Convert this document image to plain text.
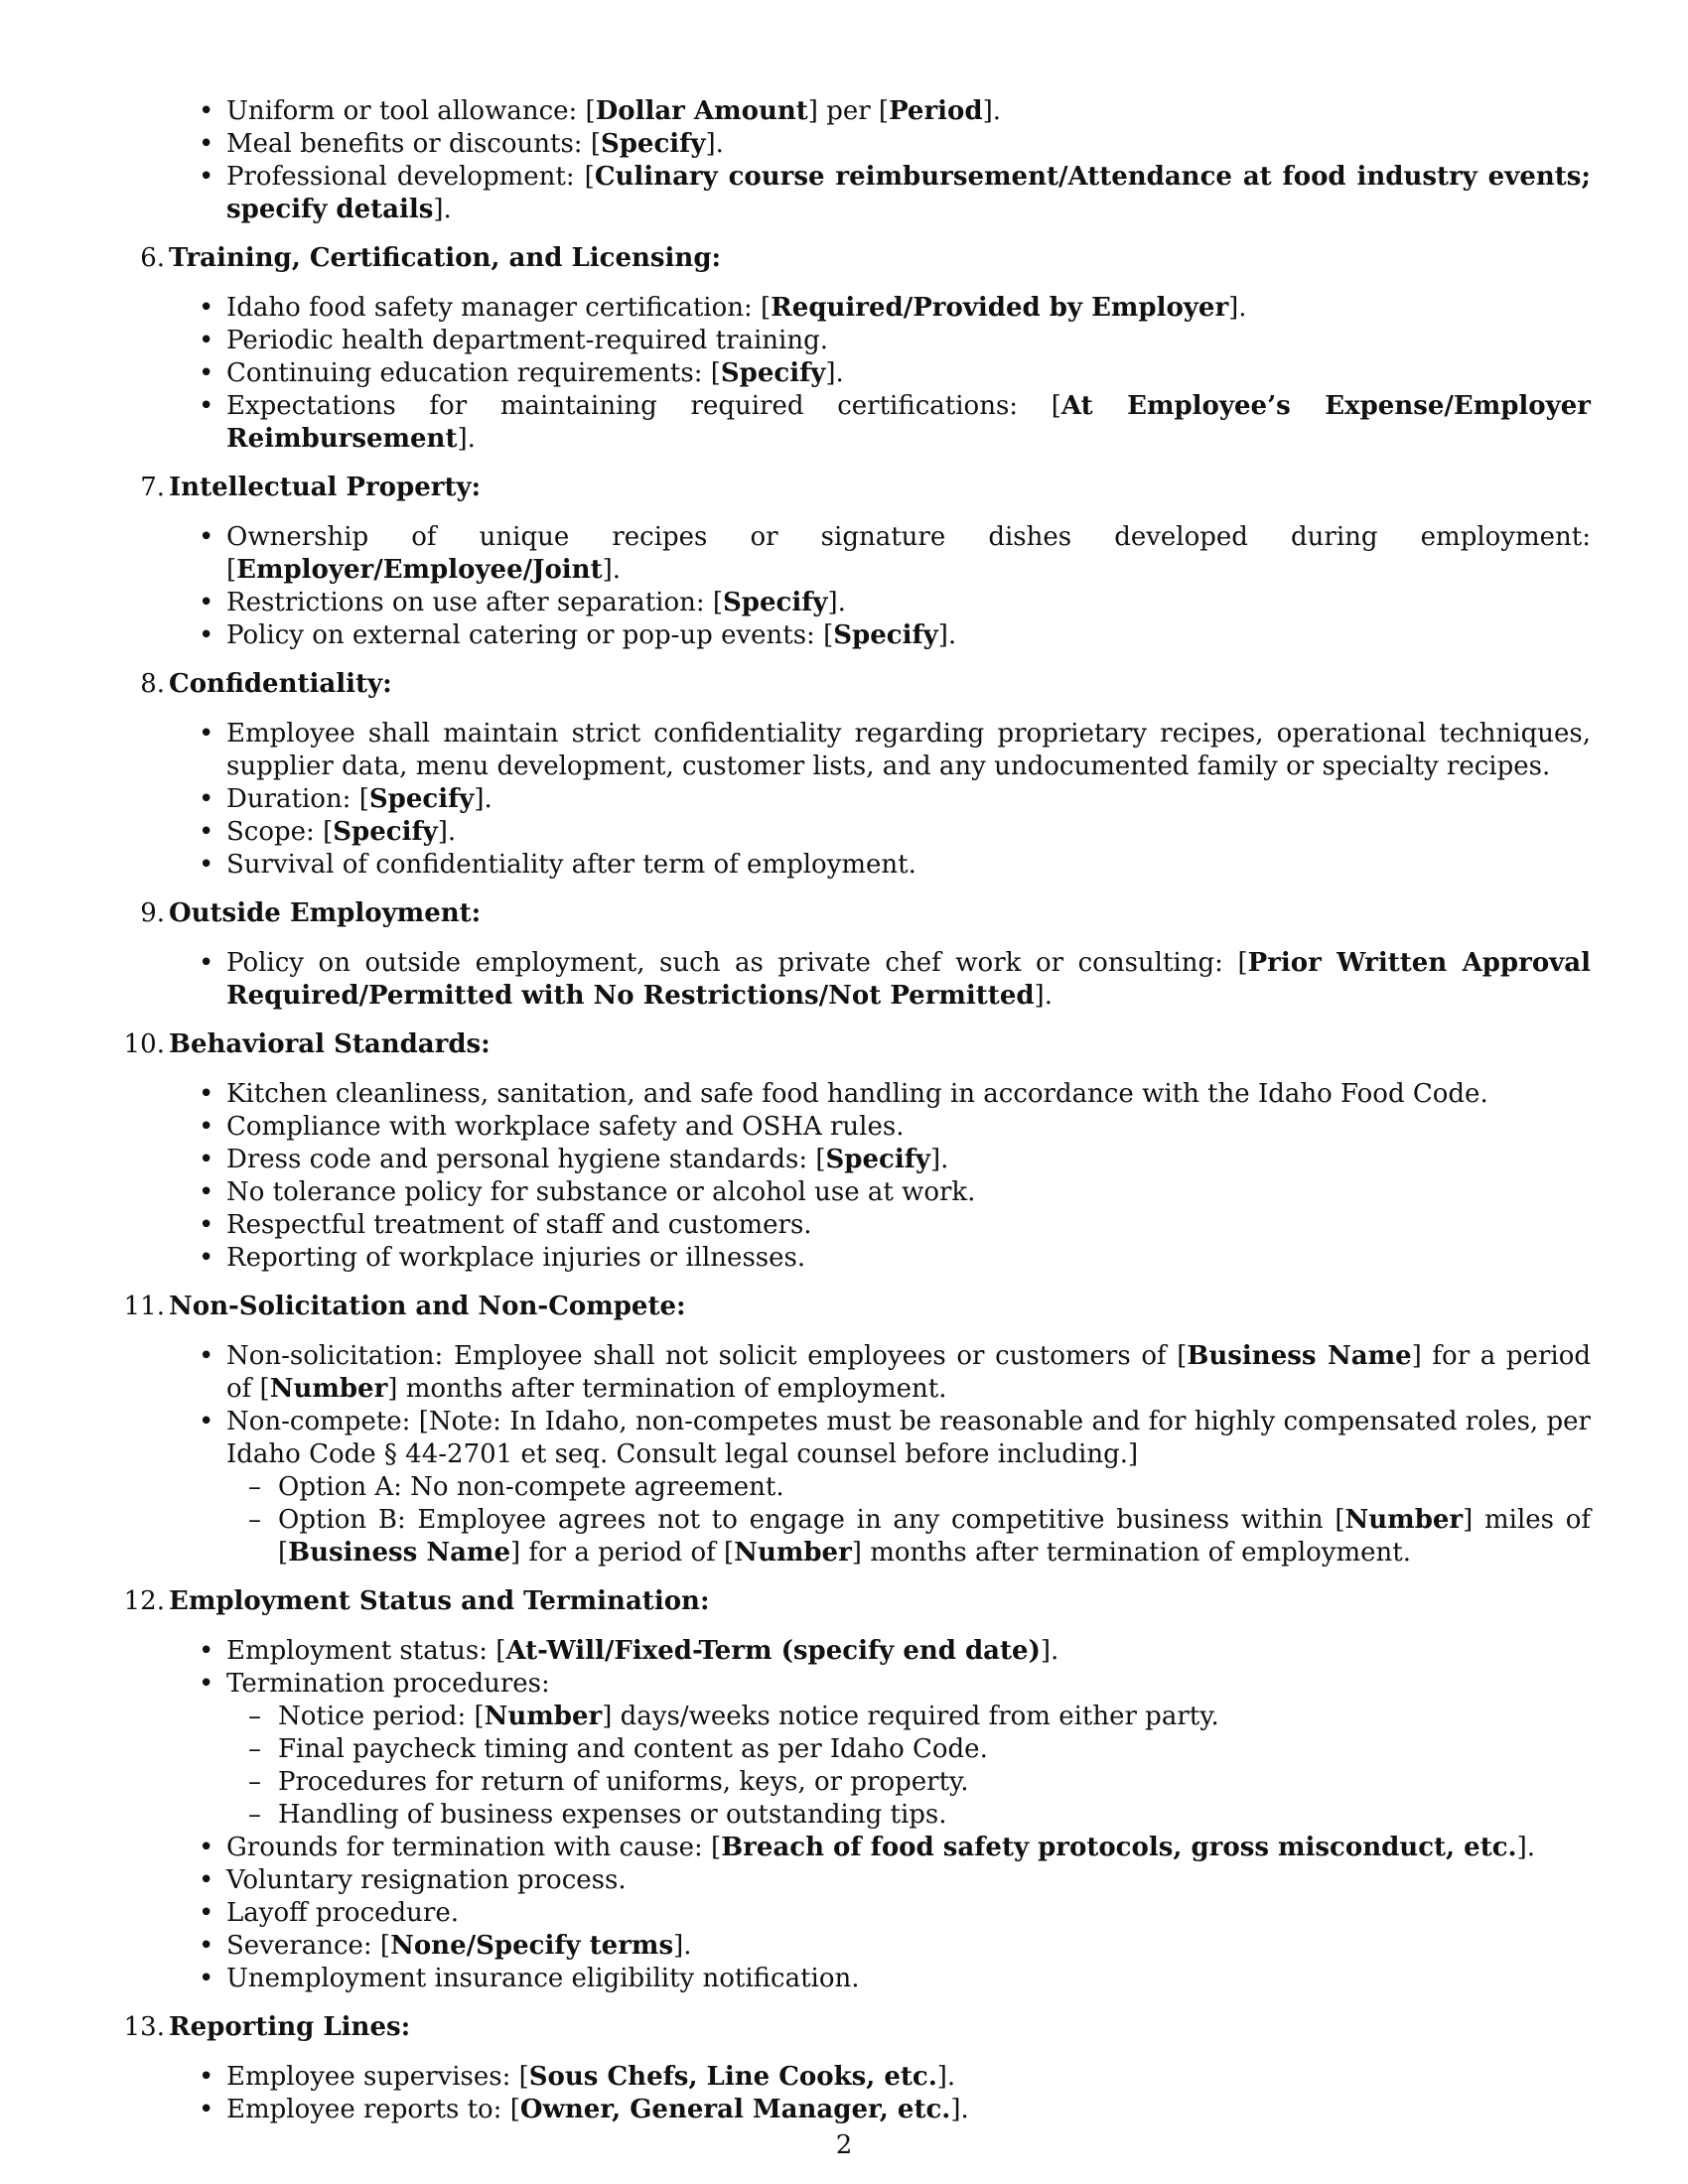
• Uniform or tool allowance: [Dollar Amount] per [Period].
• Meal benefits or discounts: [Specify].
• Professional development: [Culinary course reimbursement/Attendance at food industry events; specify details].
6. Training, Certification, and Licensing:
• Idaho food safety manager certification: [Required/Provided by Employer].
• Periodic health department-required training.
• Continuing education requirements: [Specify].
• Expectations for maintaining required certifications: [At Employee’s Expense/Employer Reimbursement].
7. Intellectual Property:
• Ownership of unique recipes or signature dishes developed during employment: [Employer/Employee/Joint].
• Restrictions on use after separation: [Specify].
• Policy on external catering or pop-up events: [Specify].
8. Confidentiality:
• Employee shall maintain strict confidentiality regarding proprietary recipes, operational techniques, supplier data, menu development, customer lists, and any undocumented family or specialty recipes.
• Duration: [Specify].
• Scope: [Specify].
• Survival of confidentiality after term of employment.
9. Outside Employment:
• Policy on outside employment, such as private chef work or consulting: [Prior Written Approval Required/Permitted with No Restrictions/Not Permitted].
10. Behavioral Standards:
• Kitchen cleanliness, sanitation, and safe food handling in accordance with the Idaho Food Code.
• Compliance with workplace safety and OSHA rules.
• Dress code and personal hygiene standards: [Specify].
• No tolerance policy for substance or alcohol use at work.
• Respectful treatment of staff and customers.
• Reporting of workplace injuries or illnesses.
11. Non-Solicitation and Non-Compete:
• Non-solicitation: Employee shall not solicit employees or customers of [Business Name] for a period of [Number] months after termination of employment.
• Non-compete: [Note: In Idaho, non-competes must be reasonable and for highly compensated roles, per Idaho Code § 44-2701 et seq. Consult legal counsel before including.]
– Option A: No non-compete agreement.
– Option B: Employee agrees not to engage in any competitive business within [Number] miles of [Business Name] for a period of [Number] months after termination of employment.
12. Employment Status and Termination:
• Employment status: [At-Will/Fixed-Term (specify end date)].
• Termination procedures:
– Notice period: [Number] days/weeks notice required from either party.
– Final paycheck timing and content as per Idaho Code.
– Procedures for return of uniforms, keys, or property.
– Handling of business expenses or outstanding tips.
• Grounds for termination with cause: [Breach of food safety protocols, gross misconduct, etc.].
• Voluntary resignation process.
• Layoff procedure.
• Severance: [None/Specify terms].
• Unemployment insurance eligibility notification.
13. Reporting Lines:
• Employee supervises: [Sous Chefs, Line Cooks, etc.].
• Employee reports to: [Owner, General Manager, etc.].
2
